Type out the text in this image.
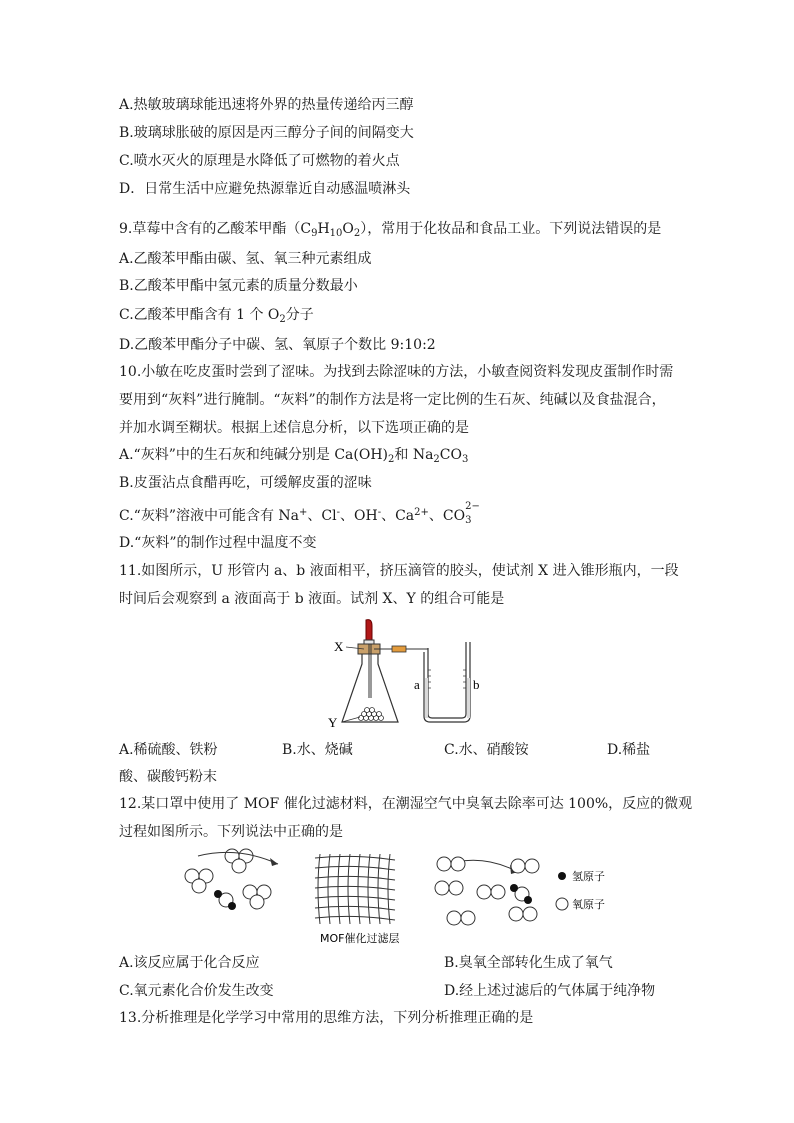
A.热敏玻璃球能迅速将外界的热量传递给丙三醇
B.玻璃球胀破的原因是丙三醇分子间的间隔变大
C.喷水灭火的原理是水降低了可燃物的着火点
D．日常生活中应避免热源靠近自动感温喷淋头
9.草莓中含有的乙酸苯甲酯$(C_9H_{10}O_2)$，常用于化妆品和食品工业。下列说法错误的是
A.乙酸苯甲酯由碳、氢、氧三种元素组成
B.乙酸苯甲酯中氢元素的质量分数最小
C.乙酸苯甲酯含有 1 个 $O_2$分子
D.乙酸苯甲酯分子中碳、氢、氧原子个数比 9:10:2
10.小敏在吃皮蛋时尝到了涩味。为找到去除涩味的方法，小敏查阅资料发现皮蛋制作时需
要用到“灰料”进行腌制。“灰料”的制作方法是将一定比例的生石灰、纯碱以及食盐混合，
并加水调至糊状。根据上述信息分析，以下选项正确的是
A.“灰料”中的生石灰和纯碱分别是 $Ca(OH)_2$和 $Na_2CO_3$
B.皮蛋沾点食醋再吃，可缓解皮蛋的涩味
C.“灰料”溶液中可能含有 Na+、Cl-、OH-、$Ca^{2+}$、CO
2−
3
D.“灰料”的制作过程中温度不变
11.如图所示，U 形管内 a、b 液面相平，挤压滴管的胶头，使试剂 X 进入锥形瓶内，一段
时间后会观察到 a 液面高于 b 液面。试剂 X、Y 的组合可能是
X
Y
a	b
A.稀硫酸、铁粉	B.水、烧碱	C.水、硝酸铵	D.稀盐
酸、碳酸钙粉末
12.某口罩中使用了 MOF 催化过滤材料，在潮湿空气中臭氧去除率可达 100%，反应的微观
过程如图所示。下列说法中正确的是
MOF催化过滤层
氢原子
氧原子
A.该反应属于化合反应	B.臭氧全部转化生成了氧气
C.氧元素化合价发生改变	D.经上述过滤后的气体属于纯净物
13.分析推理是化学学习中常用的思维方法，下列分析推理正确的是
